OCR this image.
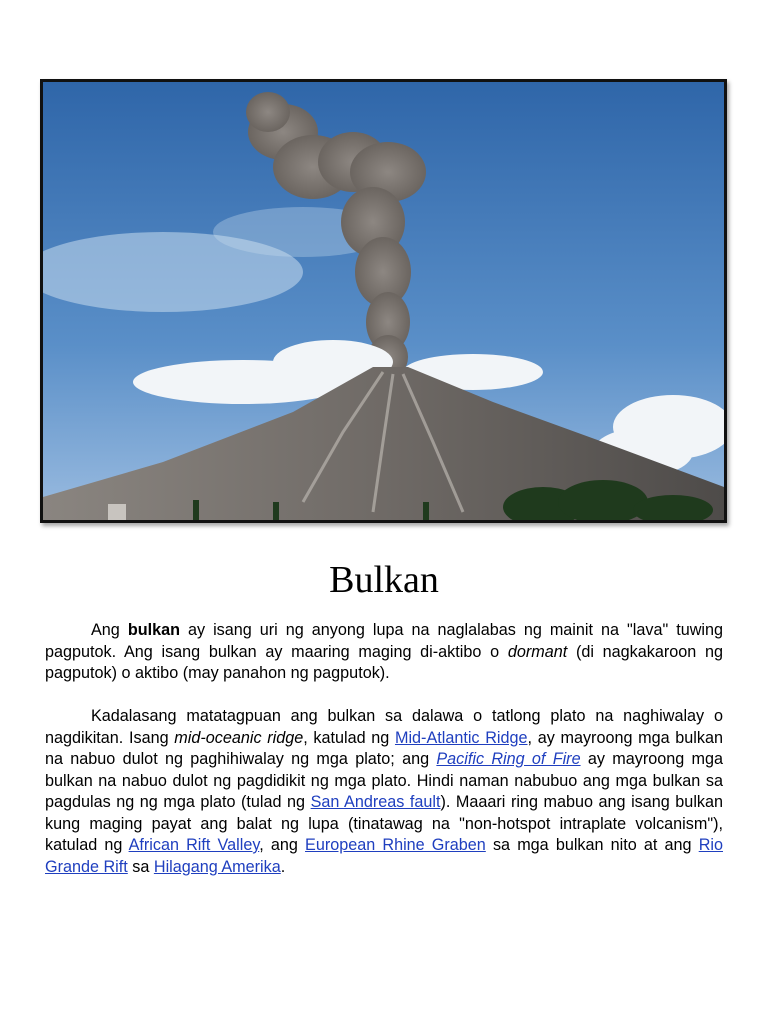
Bulkan

Ang bulkan ay isang uri ng anyong lupa na naglalabas ng mainit na "lava" tuwing pagputok. Ang isang bulkan ay maaring maging di-aktibo o dormant (di nagkakaroon ng pagputok) o aktibo (may panahon ng pagputok).

Kadalasang matatagpuan ang bulkan sa dalawa o tatlong plato na naghiwalay o nagdikitan. Isang mid-oceanic ridge, katulad ng Mid-Atlantic Ridge, ay mayroong mga bulkan na nabuo dulot ng paghihiwalay ng mga plato; ang Pacific Ring of Fire ay mayroong mga bulkan na nabuo dulot ng pagdidikit ng mga plato. Hindi naman nabubuo ang mga bulkan sa pagdulas ng ng mga plato (tulad ng San Andreas fault). Maaari ring mabuo ang isang bulkan kung maging payat ang balat ng lupa (tinatawag na "non-hotspot intraplate volcanism"), katulad ng African Rift Valley, ang European Rhine Graben sa mga bulkan nito at ang Rio Grande Rift sa Hilagang Amerika.
